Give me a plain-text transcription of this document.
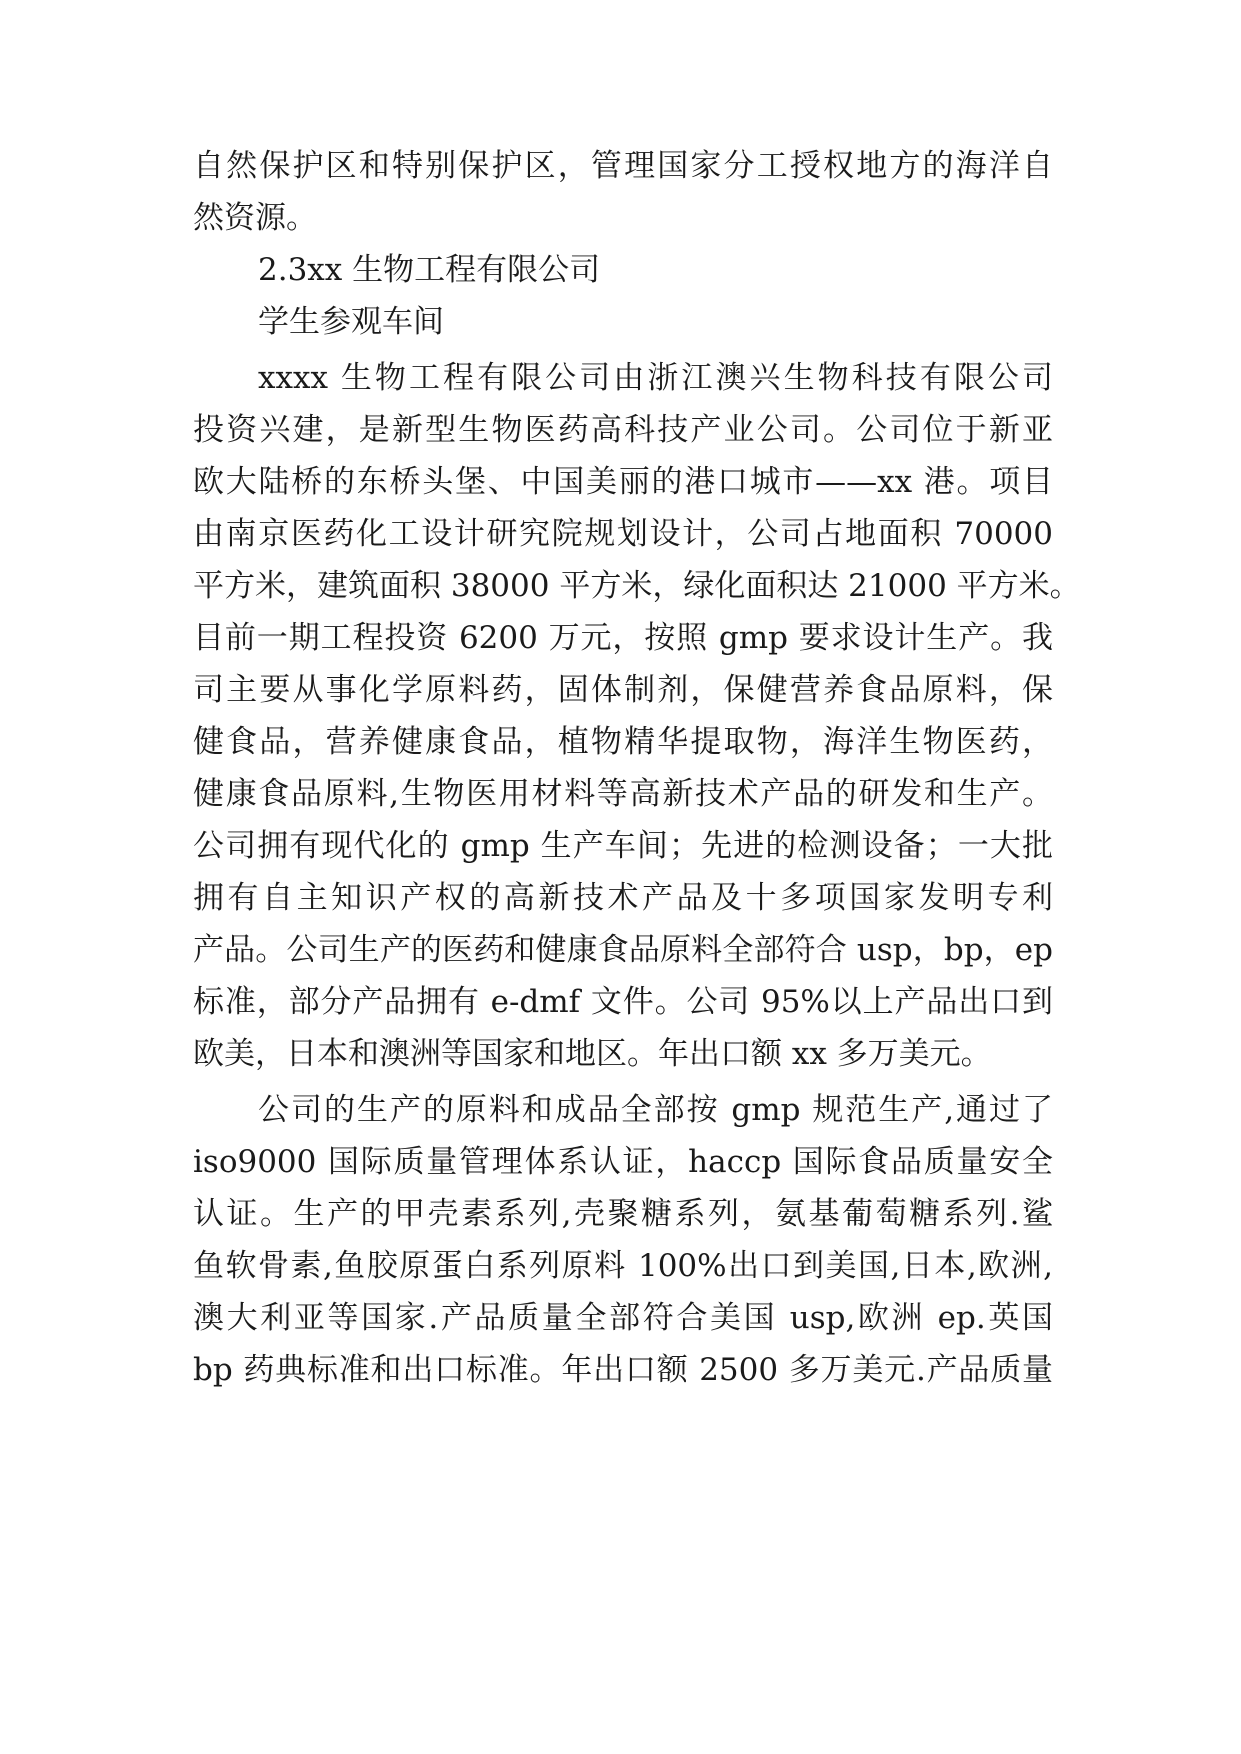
自然保护区和特别保护区，管理国家分工授权地方的海洋自
然资源。
2.3xx 生物工程有限公司
学生参观车间
xxxx 生物工程有限公司由浙江澳兴生物科技有限公司
投资兴建，是新型生物医药高科技产业公司。公司位于新亚
欧大陆桥的东桥头堡、中国美丽的港口城市——xx 港。项目
由南京医药化工设计研究院规划设计，公司占地面积 70000
平方米，建筑面积 38000 平方米，绿化面积达 21000 平方米。
目前一期工程投资 6200 万元，按照 gmp 要求设计生产。我
司主要从事化学原料药，固体制剂，保健营养食品原料，保
健食品，营养健康食品，植物精华提取物，海洋生物医药，
健康食品原料,生物医用材料等高新技术产品的研发和生产。
公司拥有现代化的 gmp 生产车间；先进的检测设备；一大批
拥有自主知识产权的高新技术产品及十多项国家发明专利
产品。公司生产的医药和健康食品原料全部符合 usp，bp，ep
标准，部分产品拥有 e-dmf 文件。公司 95%以上产品出口到
欧美，日本和澳洲等国家和地区。年出口额 xx 多万美元。
公司的生产的原料和成品全部按 gmp 规范生产,通过了
iso9000 国际质量管理体系认证，haccp 国际食品质量安全
认证。生产的甲壳素系列,壳聚糖系列，氨基葡萄糖系列.鲨
鱼软骨素,鱼胶原蛋白系列原料 100%出口到美国,日本,欧洲,
澳大利亚等国家.产品质量全部符合美国 usp,欧洲 ep.英国
bp 药典标准和出口标准。年出口额 2500 多万美元.产品质量
